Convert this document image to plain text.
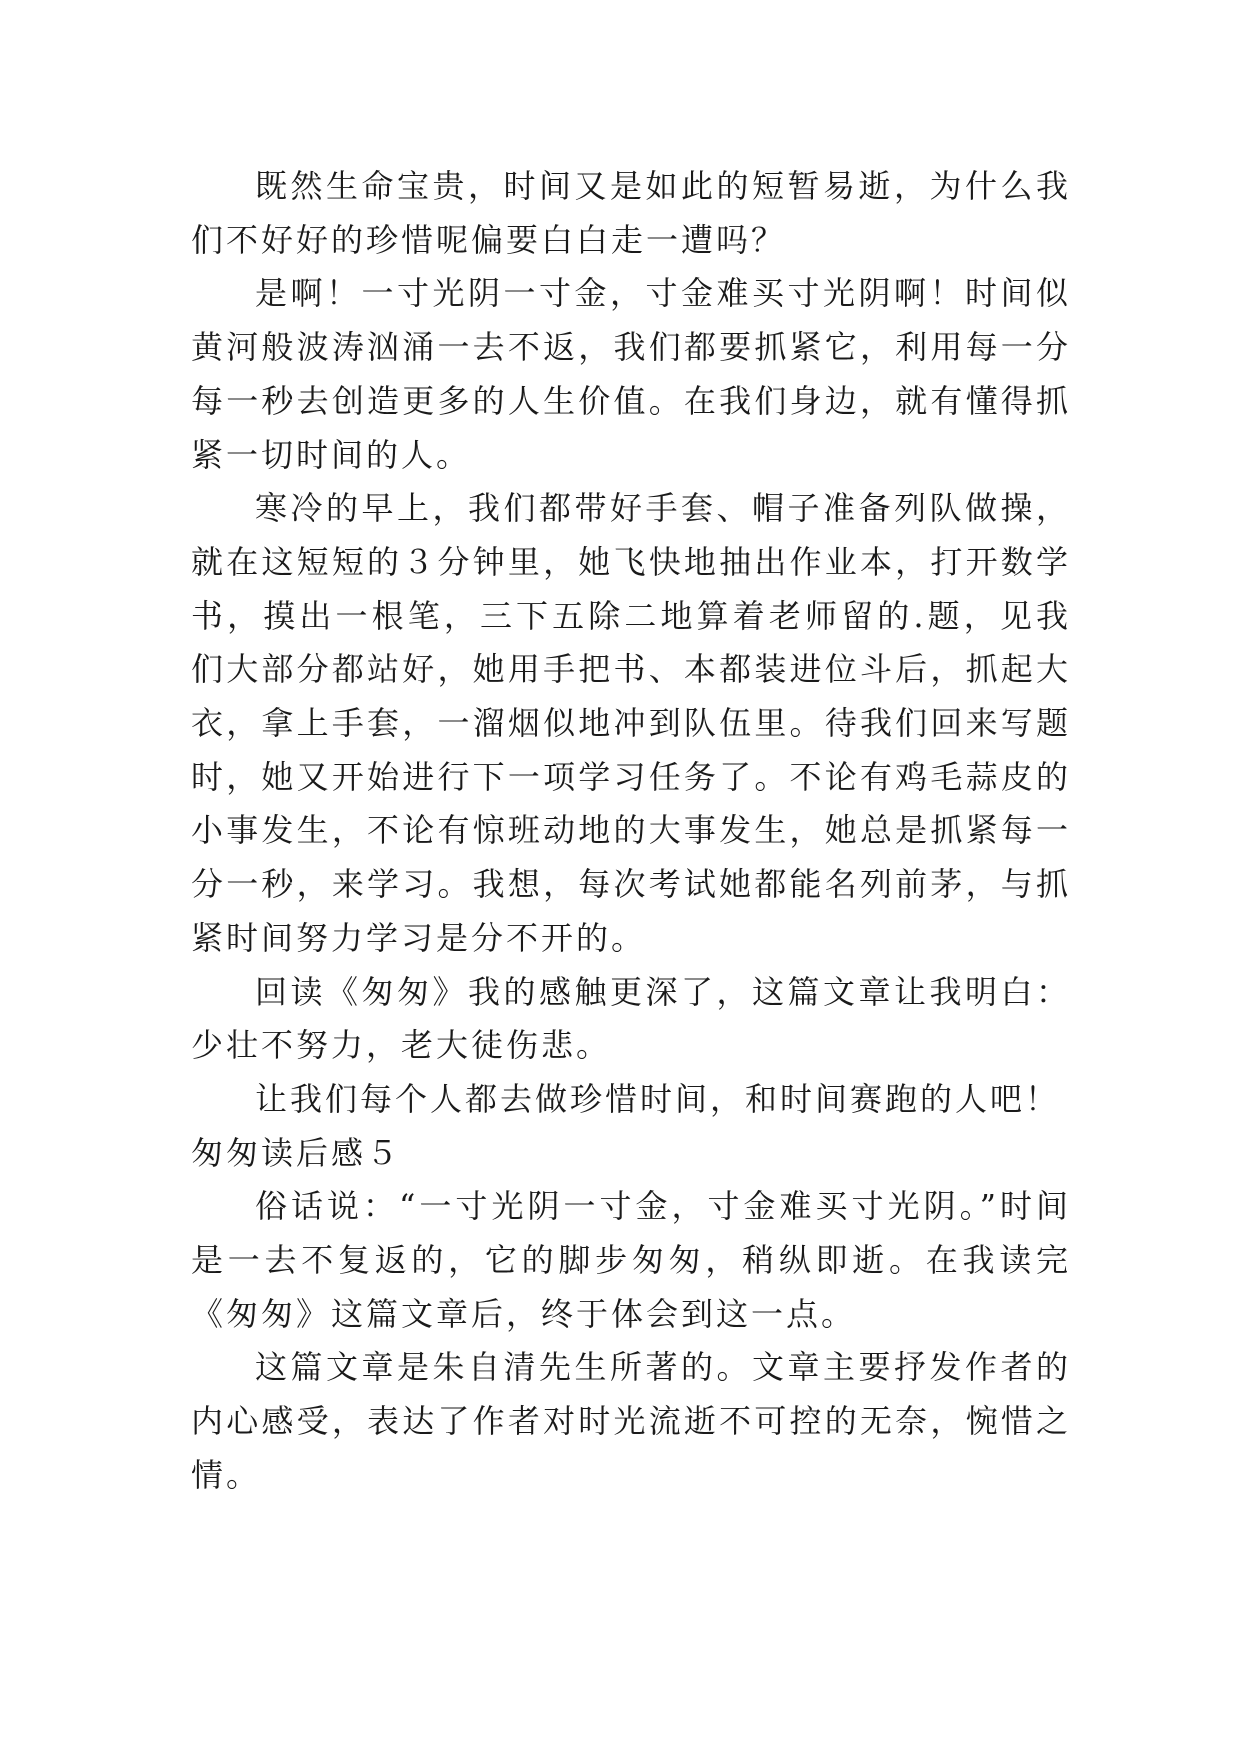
既然生命宝贵，时间又是如此的短暂易逝，为什么我们不好好的珍惜呢偏要白白走一遭吗？

是啊！一寸光阴一寸金，寸金难买寸光阴啊！时间似黄河般波涛汹涌一去不返，我们都要抓紧它，利用每一分每一秒去创造更多的人生价值。在我们身边，就有懂得抓紧一切时间的人。

寒冷的早上，我们都带好手套、帽子准备列队做操，就在这短短的３分钟里，她飞快地抽出作业本，打开数学书，摸出一根笔，三下五除二地算着老师留的.题，见我们大部分都站好，她用手把书、本都装进位斗后，抓起大衣，拿上手套，一溜烟似地冲到队伍里。待我们回来写题时，她又开始进行下一项学习任务了。不论有鸡毛蒜皮的小事发生，不论有惊班动地的大事发生，她总是抓紧每一分一秒，来学习。我想，每次考试她都能名列前茅，与抓紧时间努力学习是分不开的。

回读《匆匆》我的感触更深了，这篇文章让我明白：少壮不努力，老大徒伤悲。

让我们每个人都去做珍惜时间，和时间赛跑的人吧！

匆匆读后感５

俗话说：“一寸光阴一寸金，寸金难买寸光阴。”时间是一去不复返的，它的脚步匆匆，稍纵即逝。在我读完《匆匆》这篇文章后，终于体会到这一点。

这篇文章是朱自清先生所著的。文章主要抒发作者的内心感受，表达了作者对时光流逝不可控的无奈，惋惜之情。
